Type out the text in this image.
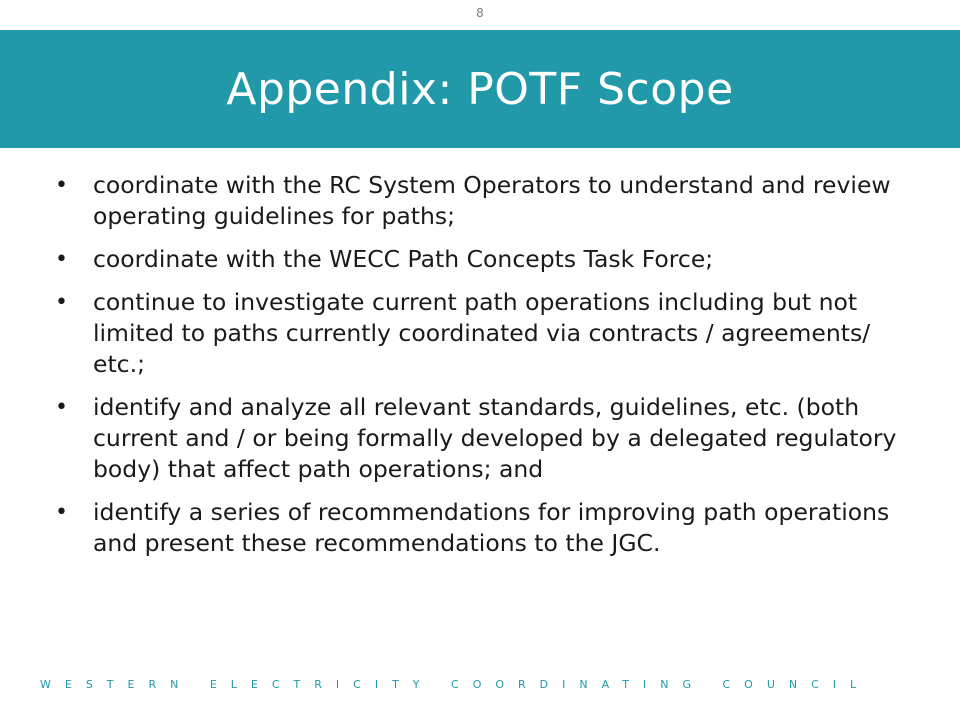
8
Appendix: POTF Scope
• coordinate with the RC System Operators to understand and review operating guidelines for paths;
• coordinate with the WECC Path Concepts Task Force;
• continue to investigate current path operations including but not limited to paths currently coordinated via contracts / agreements/ etc.;
• identify and analyze all relevant standards, guidelines, etc. (both current and / or being formally developed by a delegated regulatory body) that affect path operations; and
• identify a series of recommendations for improving path operations and present these recommendations to the JGC.
WESTERN ELECTRICITY COORDINATING COUNCIL
